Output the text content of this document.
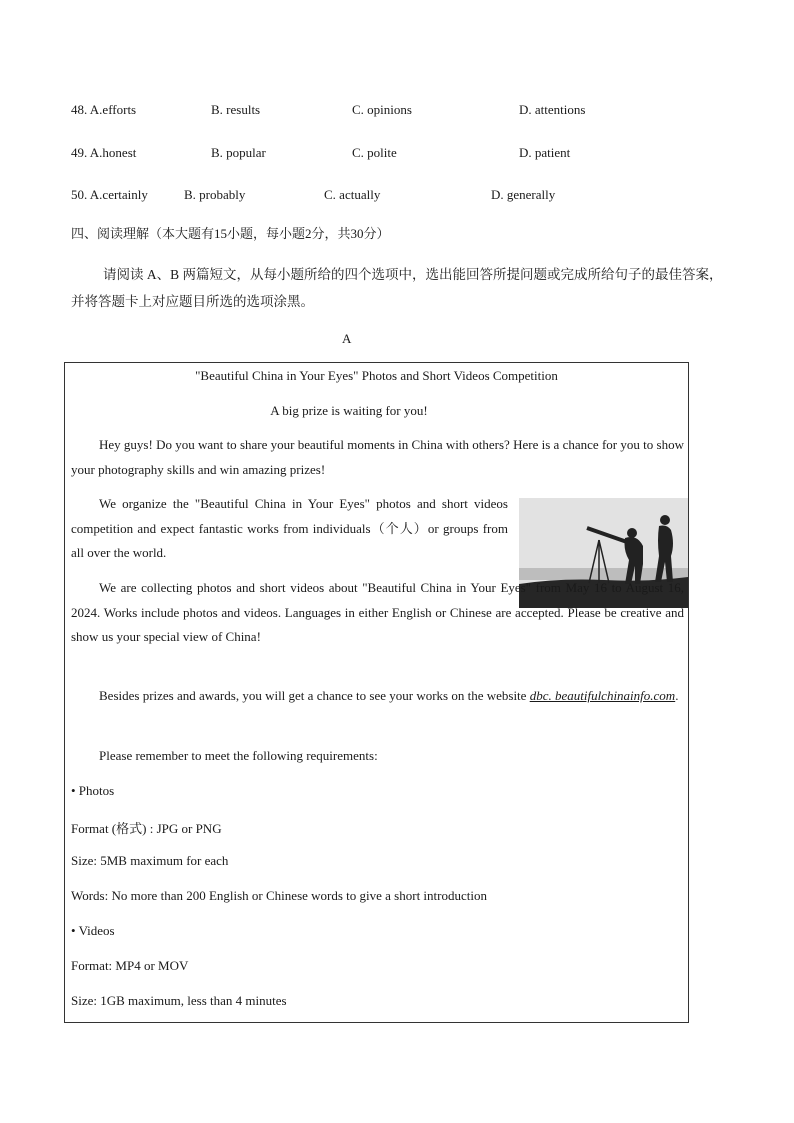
48. A.efforts	B. results	C. opinions	D. attentions
49. A.honest	B. popular	C. polite	D. patient
50. A.certainly	B. probably	C. actually	D. generally
四、阅读理解（本大题有15小题，每小题2分，共30分）
请阅读 A、B 两篇短文，从每小题所给的四个选项中，选出能回答所提问题或完成所给句子的最佳答案，并将答题卡上对应题目所选的选项涂黑。
A
"Beautiful China in Your Eyes" Photos and Short Videos Competition
A big prize is waiting for you!
Hey guys! Do you want to share your beautiful moments in China with others? Here is a chance for you to show your photography skills and win amazing prizes!
We organize the "Beautiful China in Your Eyes" photos and short videos competition and expect fantastic works from individuals（个人）or groups from all over the world.
We are collecting photos and short videos about "Beautiful China in Your Eyes" from May 16 to August 16, 2024. Works include photos and videos. Languages in either English or Chinese are accepted. Please be creative and show us your special view of China!
Besides prizes and awards, you will get a chance to see your works on the website dbc. beautifulchinainfo.com.
Please remember to meet the following requirements:
• Photos
Format (格式) : JPG or PNG
Size: 5MB maximum for each
Words: No more than 200 English or Chinese words to give a short introduction
• Videos
Format: MP4 or MOV
Size: 1GB maximum, less than 4 minutes
